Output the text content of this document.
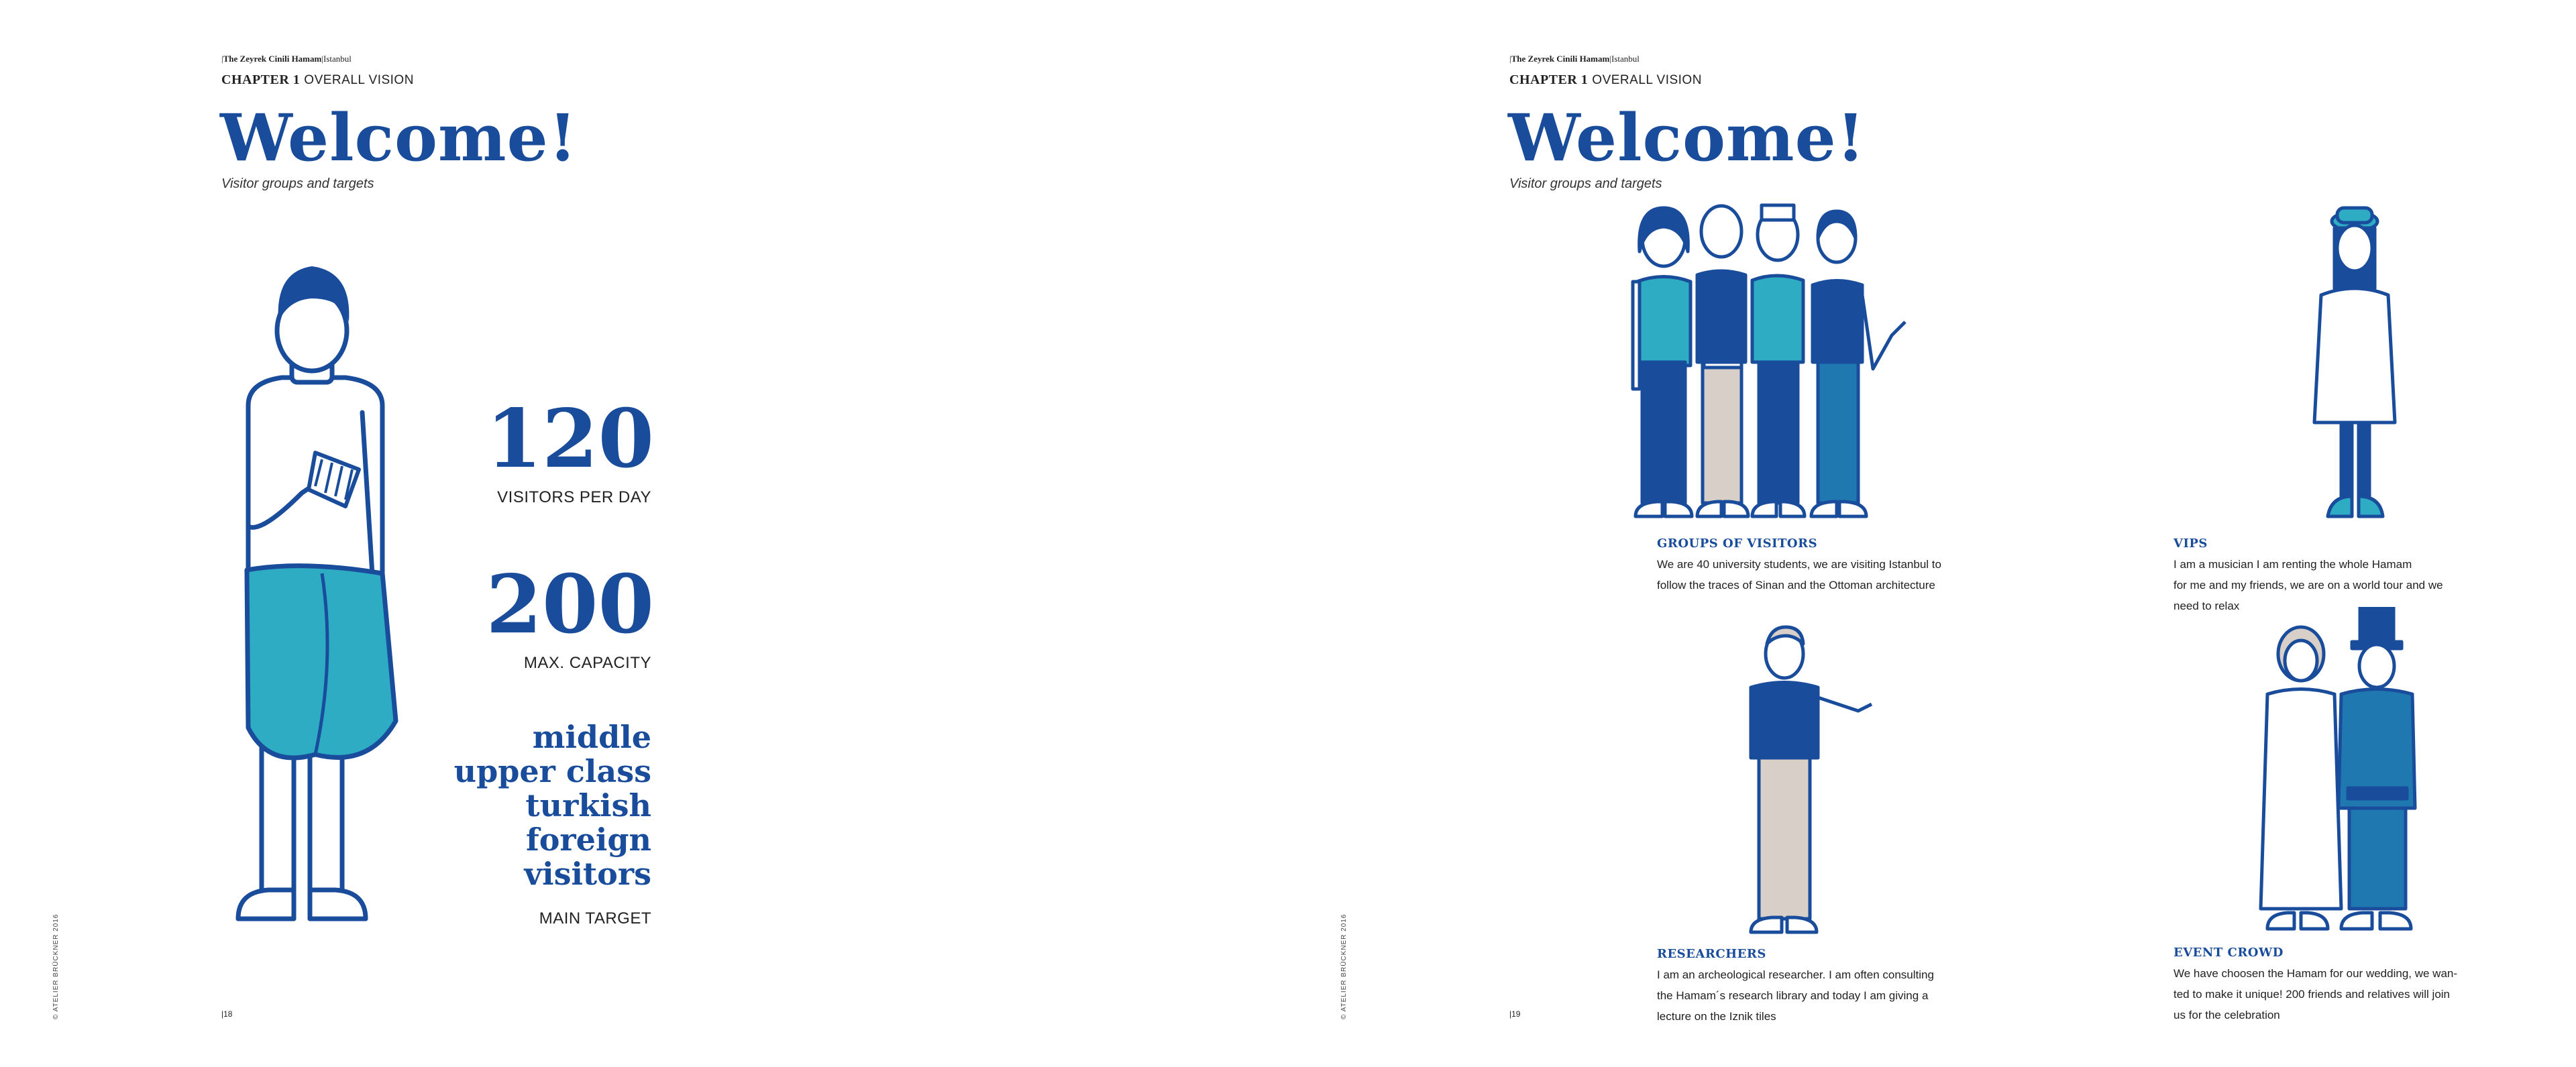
|The Zeyrek Cinili Hamam|Istanbul
CHAPTER 1 OVERALL VISION
Welcome!
Visitor groups and targets
120
VISITORS PER DAY
200
MAX. CAPACITY
middle
upper class
turkish
foreign
visitors
MAIN TARGET
© ATELIER BRÜCKNER 2016	|18
|The Zeyrek Cinili Hamam|Istanbul
CHAPTER 1 OVERALL VISION
Welcome!
Visitor groups and targets
GROUPS OF VISITORS
We are 40 university students, we are visiting Istanbul to
follow the traces of Sinan and the Ottoman architecture
VIPS
I am a musician I am renting the whole Hamam
for me and my friends, we are on a world tour and we
need to relax
RESEARCHERS
I am an archeological researcher. I am often consulting
the Hamam´s research library and today I am giving a
lecture on the Iznik tiles
EVENT CROWD
We have choosen the Hamam for our wedding, we wan-
ted to make it unique! 200 friends and relatives will join
us for the celebration
© ATELIER BRÜCKNER 2016	|19
